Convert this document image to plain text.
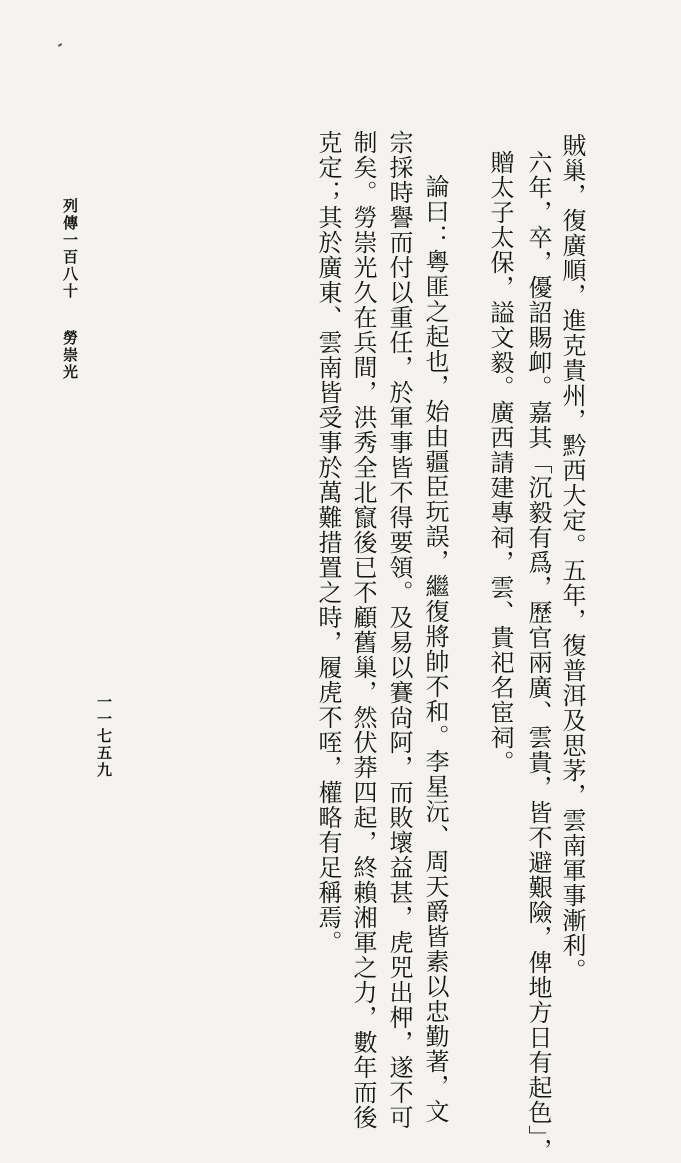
列傳一百八十
勞崇光
一一七五九	賊巢，復廣順，進克貴州，黔西大定。五年，復普洱及思茅，雲南軍事漸利。
六年，卒，優詔賜卹。嘉其「沉毅有爲，歷官兩廣、雲貴，皆不避艱險，俾地方日有起色」，
贈太子太保，謚文毅。廣西請建專祠，雲、貴祀名宦祠。
論曰：粵匪之起也，始由疆臣玩誤，繼復將帥不和。李星沅、周天爵皆素以忠勤著，文
宗採時譽而付以重任，於軍事皆不得要領。及易以賽尙阿，而敗壞益甚，虎兕出柙，遂不可
制矣。勞崇光久在兵間，洪秀全北竄後已不顧舊巢，然伏莽四起，終賴湘軍之力，數年而後
克定；其於廣東、雲南皆受事於萬難措置之時，履虎不咥，權略有足稱焉。
